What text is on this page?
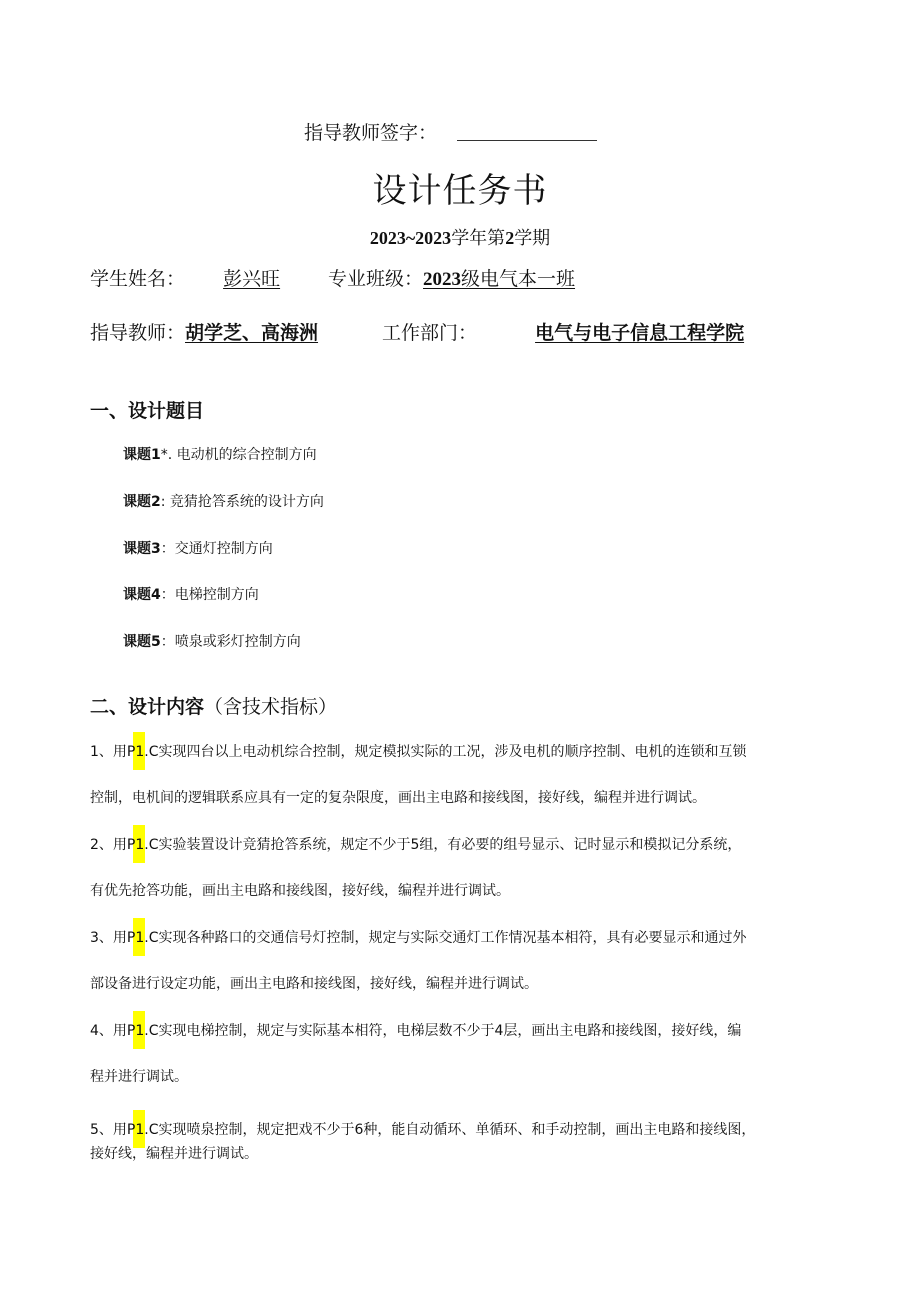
指导教师签字：
设计任务书
2023~2023学年第2学期
学生姓名： 彭兴旺	专业班级：2023级电气本一班
指导教师：胡学芝、高海洲	工作部门：	电气与电子信息工程学院
一、设计题目
课题1*. 电动机的综合控制方向
课题2: 竞猜抢答系统的设计方向
课题3：交通灯控制方向
课题4：电梯控制方向
课题5：喷泉或彩灯控制方向
二、设计内容（含技术指标）
1、用P1.C实现四台以上电动机综合控制，规定模拟实际的工况，涉及电机的顺序控制、电机的连锁和互锁
控制，电机间的逻辑联系应具有一定的复杂限度，画出主电路和接线图，接好线，编程并进行调试。
2、用P1.C实验装置设计竞猜抢答系统，规定不少于5组，有必要的组号显示、记时显示和模拟记分系统，
有优先抢答功能，画出主电路和接线图，接好线，编程并进行调试。
3、用P1.C实现各种路口的交通信号灯控制，规定与实际交通灯工作情况基本相符，具有必要显示和通过外
部设备进行设定功能，画出主电路和接线图，接好线，编程并进行调试。
4、用P1.C实现电梯控制，规定与实际基本相符，电梯层数不少于4层，画出主电路和接线图，接好线，编
程并进行调试。
5、用P1.C实现喷泉控制，规定把戏不少于6种，能自动循环、单循环、和手动控制，画出主电路和接线图，
接好线，编程并进行调试。
